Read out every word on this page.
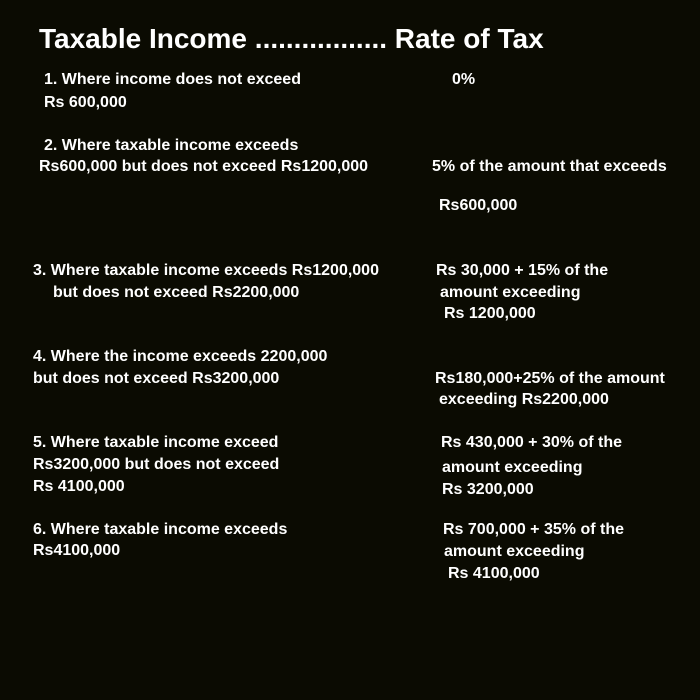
Taxable Income ................. Rate of Tax
1. Where income does not exceed
Rs 600,000
0%
2. Where taxable income exceeds
Rs600,000 but does not exceed Rs1200,000	5% of the amount that exceeds
Rs600,000
3. Where taxable income exceeds Rs1200,000
but does not exceed Rs2200,000
Rs 30,000 + 15% of the
amount exceeding
Rs 1200,000
4. Where the income exceeds 2200,000
but does not exceed Rs3200,000	Rs180,000+25% of the amount
exceeding Rs2200,000
5. Where taxable income exceed
Rs3200,000 but does not exceed
Rs 4100,000
Rs 430,000 + 30% of the
amount exceeding
Rs 3200,000
6. Where taxable income exceeds
Rs4100,000
Rs 700,000 + 35% of the
amount exceeding
Rs 4100,000
